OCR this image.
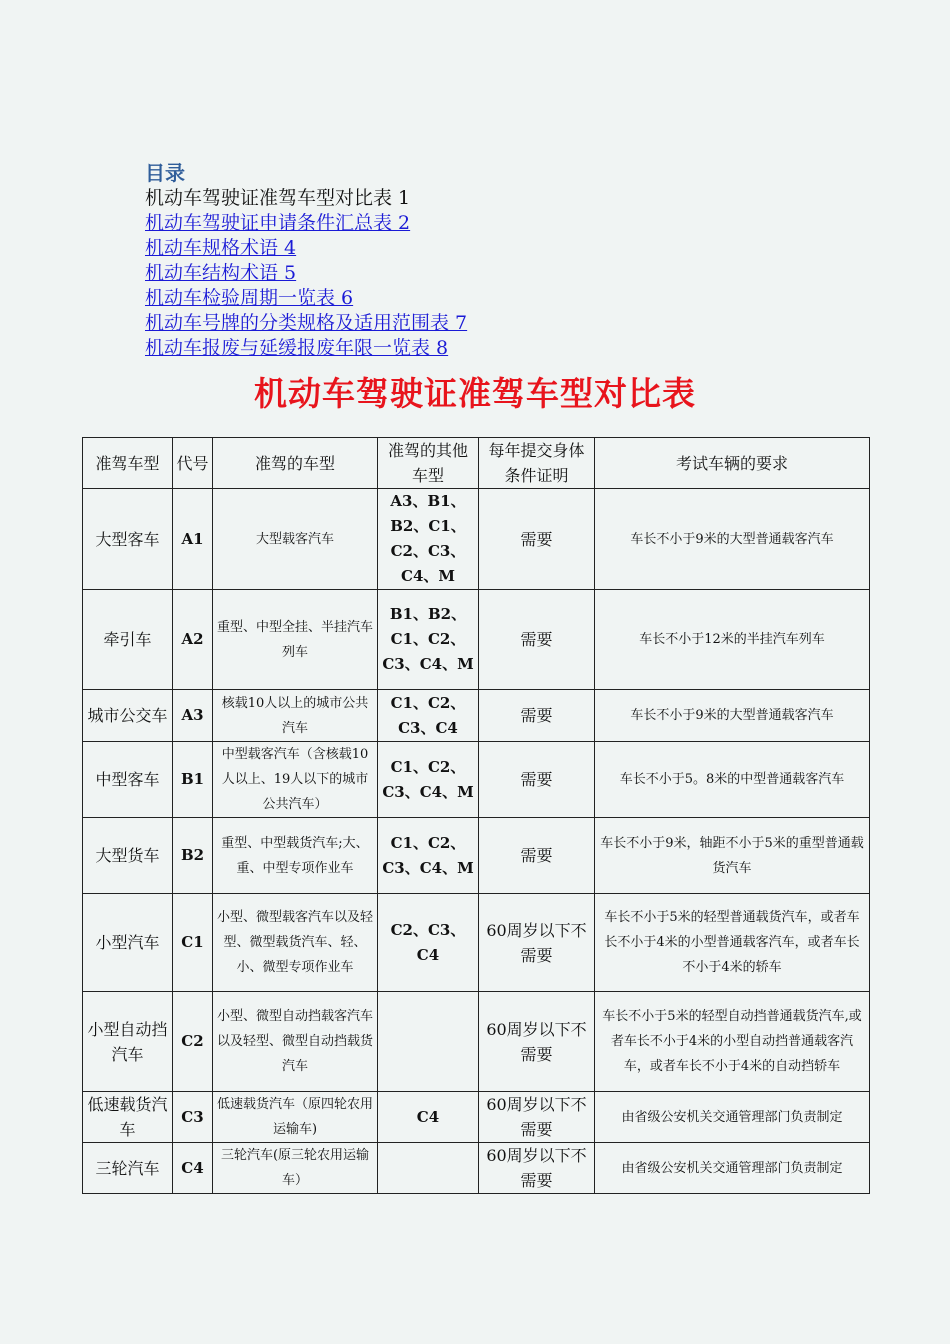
目录
机动车驾驶证准驾车型对比表 1
机动车驾驶证申请条件汇总表 2
机动车规格术语 4
机动车结构术语 5
机动车检验周期一览表 6
机动车号牌的分类规格及适用范围表 7
机动车报废与延缓报废年限一览表 8
机动车驾驶证准驾车型对比表
准驾车型	代号	准驾的车型	准驾的其他车型	每年提交身体条件证明	考试车辆的要求
大型客车	A1	大型载客汽车	A3、B1、B2、C1、C2、C3、C4、M	需要	车长不小于9米的大型普通载客汽车
牵引车	A2	重型、中型全挂、半挂汽车列车	B1、B2、C1、C2、C3、C4、M	需要	车长不小于12米的半挂汽车列车
城市公交车	A3	核载10人以上的城市公共汽车	C1、C2、C3、C4	需要	车长不小于9米的大型普通载客汽车
中型客车	B1	中型载客汽车（含核载10人以上、19人以下的城市公共汽车）	C1、C2、C3、C4、M	需要	车长不小于5。8米的中型普通载客汽车
大型货车	B2	重型、中型载货汽车;大、重、中型专项作业车	C1、C2、C3、C4、M	需要	车长不小于9米，轴距不小于5米的重型普通载货汽车
小型汽车	C1	小型、微型载客汽车以及轻型、微型载货汽车、轻、小、微型专项作业车	C2、C3、C4	60周岁以下不需要	车长不小于5米的轻型普通载货汽车，或者车长不小于4米的小型普通载客汽车，或者车长不小于4米的轿车
小型自动挡汽车	C2	小型、微型自动挡载客汽车以及轻型、微型自动挡载货汽车		60周岁以下不需要	车长不小于5米的轻型自动挡普通载货汽车,或者车长不小于4米的小型自动挡普通载客汽车，或者车长不小于4米的自动挡轿车
低速载货汽车	C3	低速载货汽车（原四轮农用运输车)	C4	60周岁以下不需要	由省级公安机关交通管理部门负责制定
三轮汽车	C4	三轮汽车(原三轮农用运输车）		60周岁以下不需要	由省级公安机关交通管理部门负责制定
